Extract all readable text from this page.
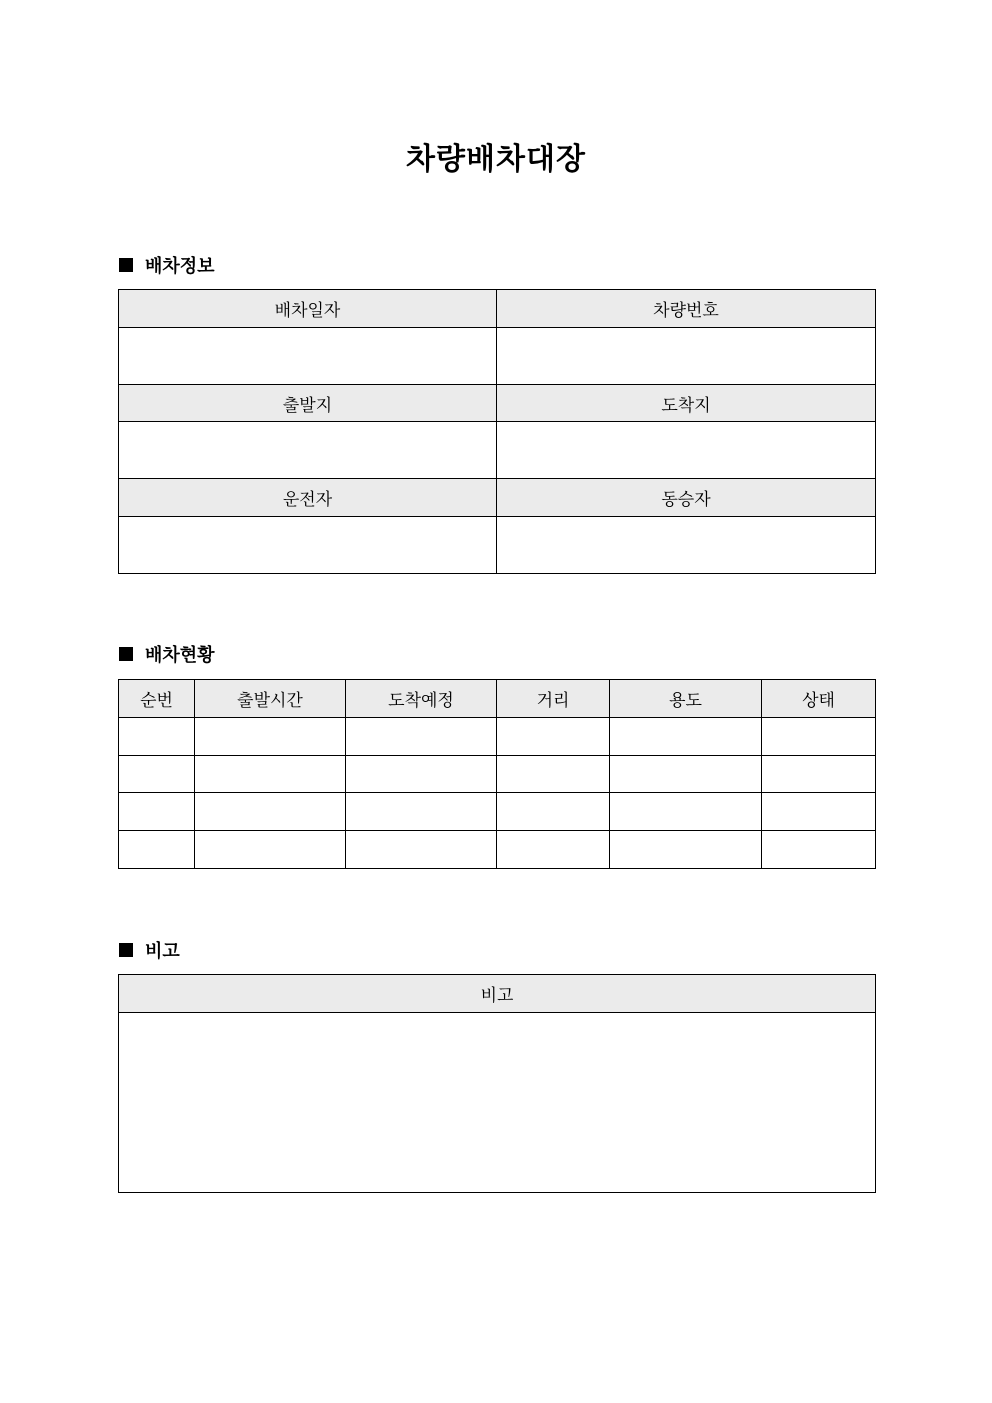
차량배차대장
배차정보
배차일자	차량번호

출발지	도착지

운전자	동승자

배차현황
순번	출발시간	도착예정	거리	용도	상태

비고
비고
